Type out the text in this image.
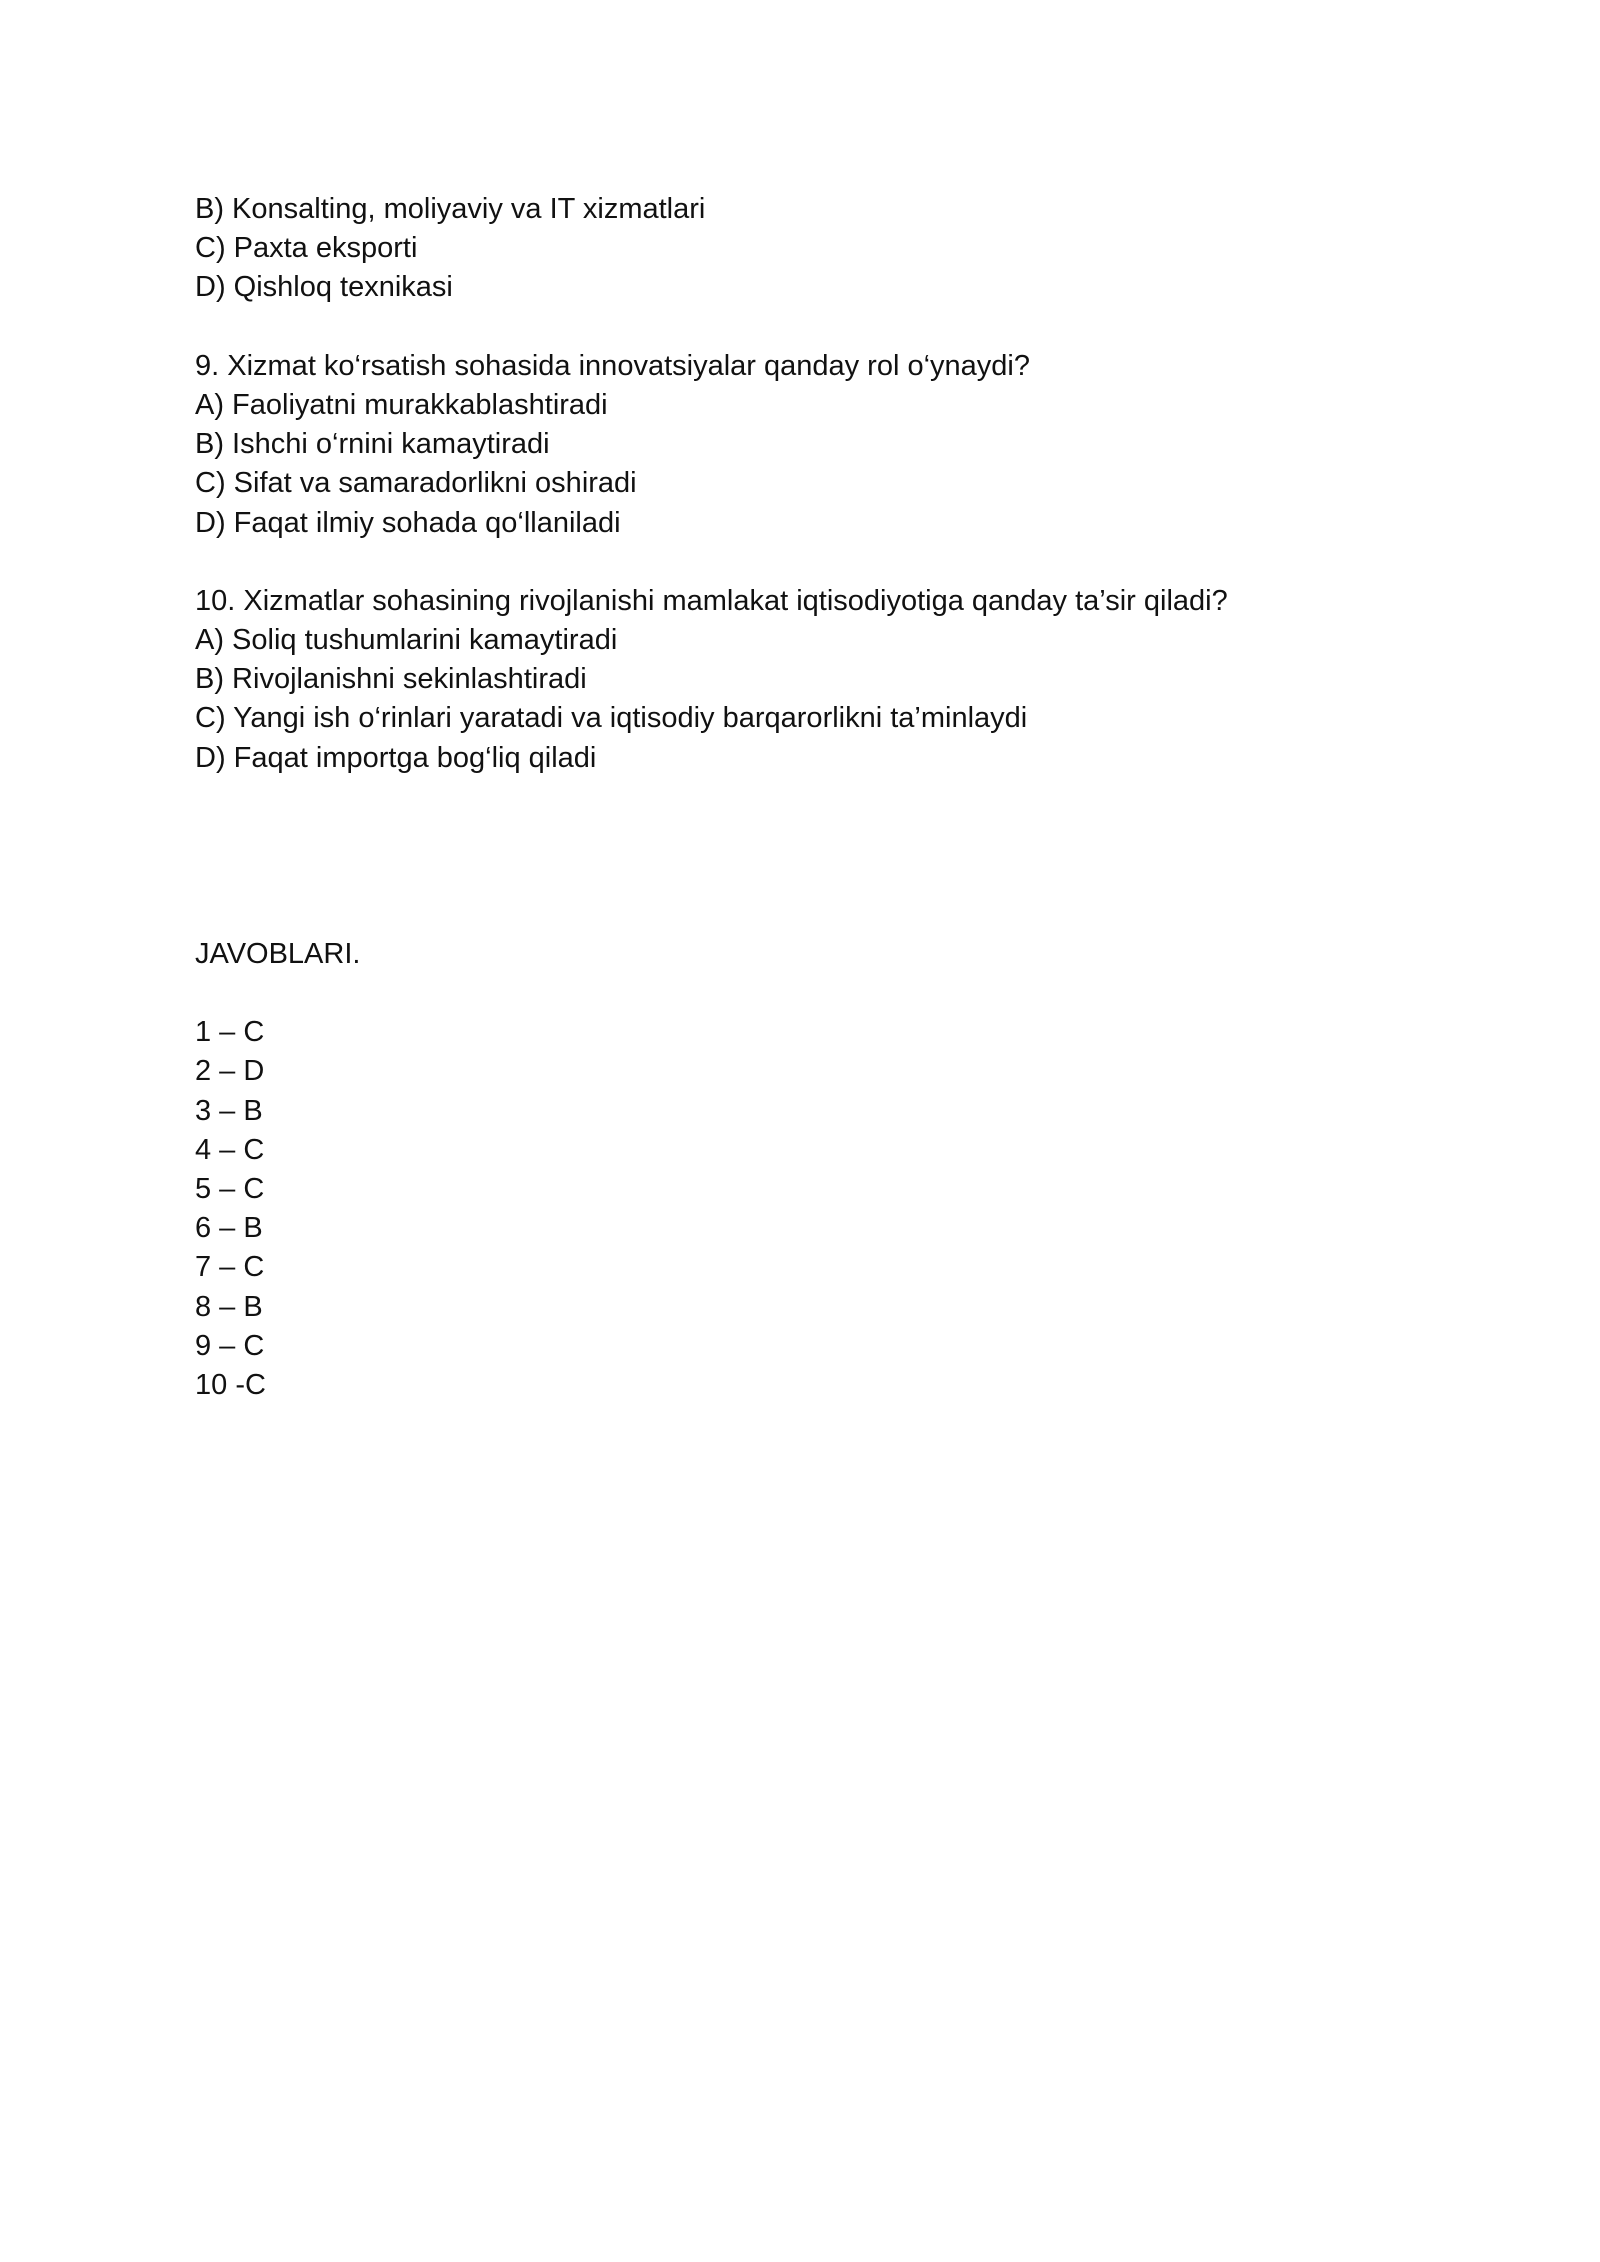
B) Konsalting, moliyaviy va IT xizmatlari
C) Paxta eksporti
D) Qishloq texnikasi
9. Xizmat ko‘rsatish sohasida innovatsiyalar qanday rol o‘ynaydi?
A) Faoliyatni murakkablashtiradi
B) Ishchi o‘rnini kamaytiradi
C) Sifat va samaradorlikni oshiradi
D) Faqat ilmiy sohada qo‘llaniladi
10. Xizmatlar sohasining rivojlanishi mamlakat iqtisodiyotiga qanday ta’sir qiladi?
A) Soliq tushumlarini kamaytiradi
B) Rivojlanishni sekinlashtiradi
C) Yangi ish o‘rinlari yaratadi va iqtisodiy barqarorlikni ta’minlaydi
D) Faqat importga bog‘liq qiladi
JAVOBLARI.
1 – C
2 – D
3 – B
4 – C
5 – C
6 – B
7 – C
8 – B
9 – C
10 -C
